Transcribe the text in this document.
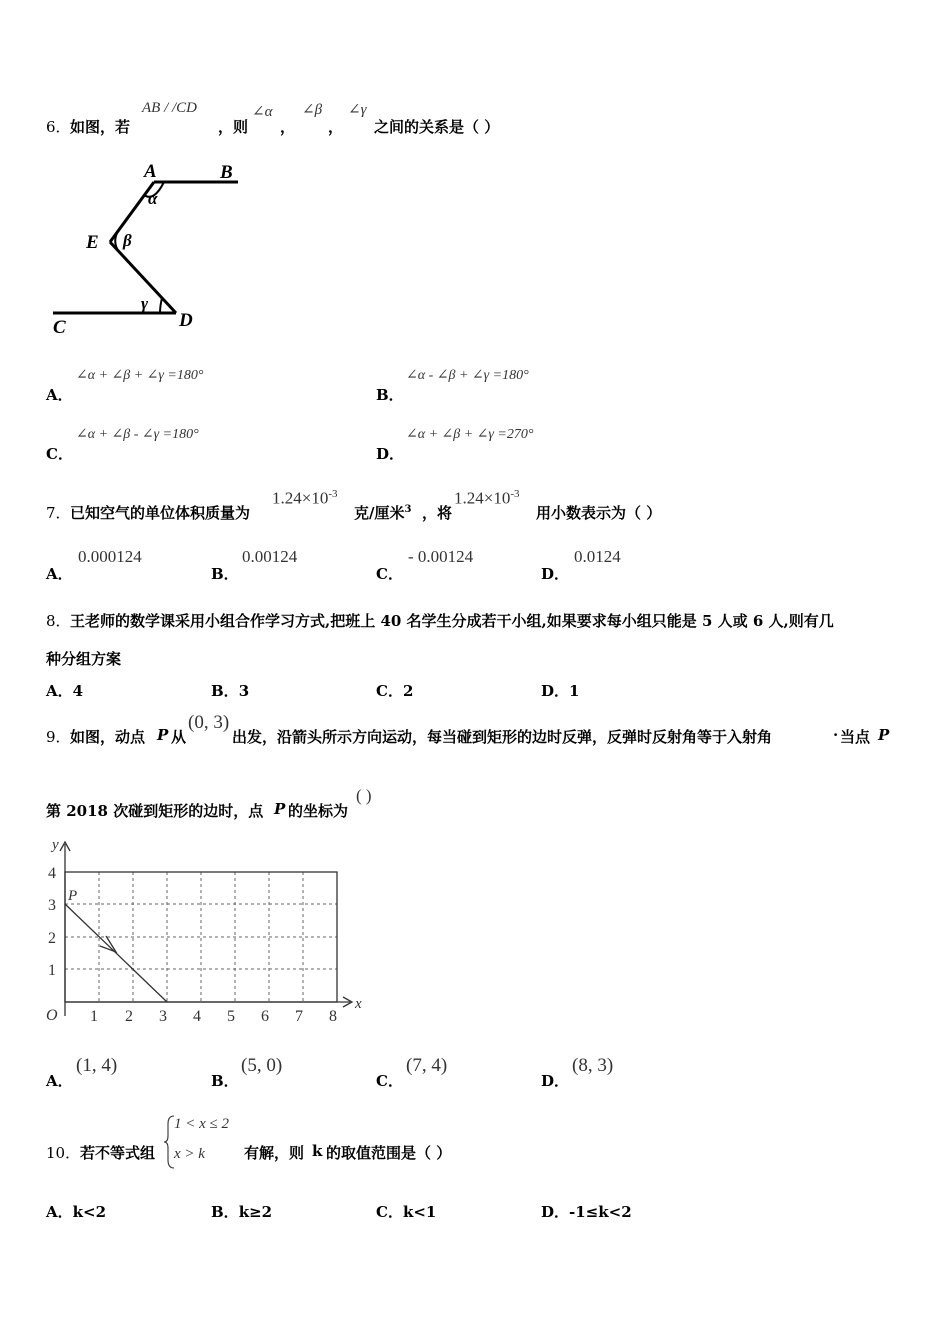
6． 如图，若
AB / /CD
，则
∠α
，
∠β
，
∠γ
之间的关系是（ ）
A	B
α
E β
γ
C	D
A．
∠α + ∠β + ∠γ =180°
B．
∠α - ∠β + ∠γ =180°
C．
∠α + ∠β - ∠γ =180°
D．
∠α + ∠β + ∠γ =270°
7． 已知空气的单位体积质量为
$1.24\times 10^{-3}$
克/厘米$^3$ ，将
$1.24\times 10^{-3}$
用小数表示为（ ）
A．
0.000124
B．
0.00124
C．
- 0.00124
D．
0.0124
8． 王老师的数学课采用小组合作学习方式,把班上 40 名学生分成若干小组,如果要求每小组只能是 5 人或 6 人,则有几
种分组方案
A．4	B．3	C．2	D．1
9． 如图，动点 P 从
(0, 3)
出发，沿箭头所示方向运动，每当碰到矩形的边时反弹，反弹时反射角等于入射角	· 当点 P
第 2018 次碰到矩形的边时，点 P 的坐标为
( )
P
y
x
O 1 2 3 4 5 6 7 8
1
2
3
4
A．
(1, 4)
B．
(5, 0)
C．
(7, 4)
D．
(8, 3)
10． 若不等式组
1 < x ≤ 2
x > k	有解，则 k 的取值范围是（ ）
A．k<2	B．k≥2	C．k<1	D．-1≤k<2
